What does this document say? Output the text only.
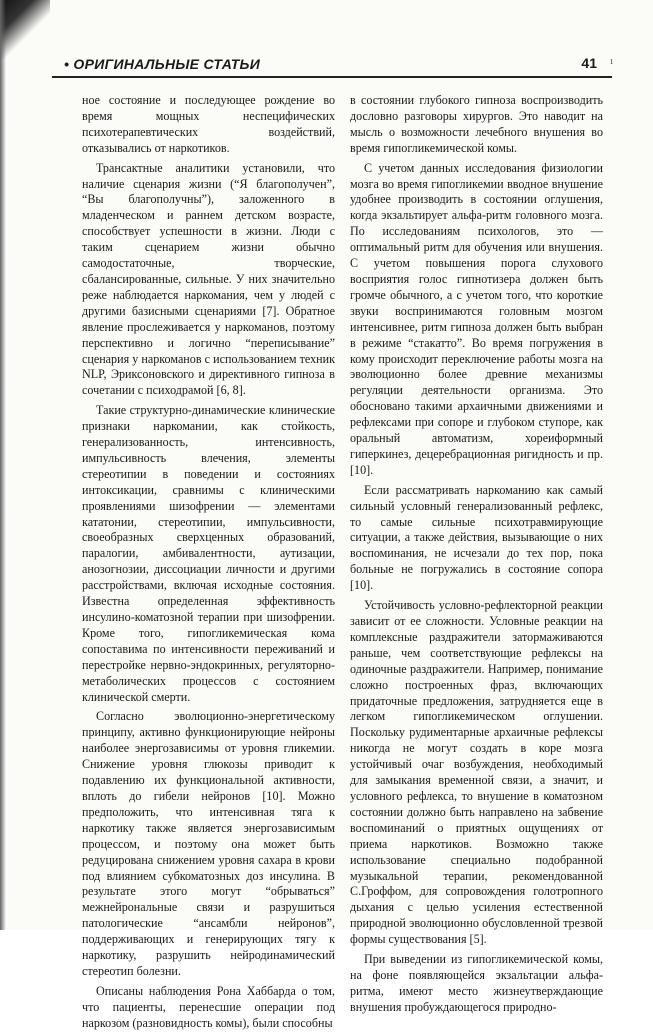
• ОРИГИНАЛЬНЫЕ СТАТЬИ	41 ı

ное состояние и последующее рождение во время мощных неспецифических психотерапевтических воздействий, отказывались от наркотиков.

Трансактные аналитики установили, что наличие сценария жизни (“Я благополучен”, “Вы благополучны”), заложенного в младенческом и раннем детском возрасте, способствует успешности в жизни. Люди с таким сценарием жизни обычно самодостаточные, творческие, сбалансированные, сильные. У них значительно реже наблюдается наркомания, чем у людей с другими базисными сценариями [7]. Обратное явление прослеживается у наркоманов, поэтому перспективно и логично “переписывание” сценария у наркоманов с использованием техник NLP, Эриксоновского и директивного гипноза в сочетании с психодрамой [6, 8].

Такие структурно-динамические клинические признаки наркомании, как стойкость, генерализованность, интенсивность, импульсивность влечения, элементы стереотипии в поведении и состояниях интоксикации, сравнимы с клиническими проявлениями шизофрении — элементами кататонии, стереотипии, импульсивности, своеобразных сверхценных образований, паралогии, амбивалентности, аутизации, анозогнозии, диссоциации личности и другими расстройствами, включая исходные состояния. Известна определенная эффективность инсулино-коматозной терапии при шизофрении. Кроме того, гипогликемическая кома сопоставима по интенсивности переживаний и перестройке нервно-эндокринных, регуляторно-метаболических процессов с состоянием клинической смерти.

Согласно эволюционно-энергетическому принципу, активно функционирующие нейроны наиболее энергозависимы от уровня гликемии. Снижение уровня глюкозы приводит к подавлению их функциональной активности, вплоть до гибели нейронов [10]. Можно предположить, что интенсивная тяга к наркотику также является энергозависимым процессом, и поэтому она может быть редуцирована снижением уровня сахара в крови под влиянием субкоматозных доз инсулина. В результате этого могут “обрываться” межнейрональные связи и разрушиться патологические “ансамбли нейронов”, поддерживающих и генерирующих тягу к наркотику, разрушить нейродинамический стереотип болезни.

Описаны наблюдения Рона Хаббарда о том, что пациенты, перенесшие операции под наркозом (разновидность комы), были способны

в состоянии глубокого гипноза воспроизводить дословно разговоры хирургов. Это наводит на мысль о возможности лечебного внушения во время гипогликемической комы.

С учетом данных исследования физиологии мозга во время гипогликемии вводное внушение удобнее производить в состоянии оглушения, когда экзальтирует альфа-ритм головного мозга. По исследованиям психологов, это — оптимальный ритм для обучения или внушения. С учетом повышения порога слухового восприятия голос гипнотизера должен быть громче обычного, а с учетом того, что короткие звуки воспринимаются головным мозгом интенсивнее, ритм гипноза должен быть выбран в режиме “стакатто”. Во время погружения в кому происходит переключение работы мозга на эволюционно более древние механизмы регуляции деятельности организма. Это обосновано такими архаичными движениями и рефлексами при сопоре и глубоком ступоре, как оральный автоматизм, хореиформный гиперкинез, децеребрационная ригидность и пр. [10].

Если рассматривать наркоманию как самый сильный условный генерализованный рефлекс, то самые сильные психотравмирующие ситуации, а также действия, вызывающие о них воспоминания, не исчезали до тех пор, пока больные не погружались в состояние сопора [10].

Устойчивость условно-рефлекторной реакции зависит от ее сложности. Условные реакции на комплексные раздражители затормаживаются раньше, чем соответствующие рефлексы на одиночные раздражители. Например, понимание сложно построенных фраз, включающих придаточные предложения, затрудняется еще в легком гипогликемическом оглушении. Поскольку рудиментарные архаичные рефлексы никогда не могут создать в коре мозга устойчивый очаг возбуждения, необходимый для замыкания временной связи, а значит, и условного рефлекса, то внушение в коматозном состоянии должно быть направлено на забвение воспоминаний о приятных ощущениях от приема наркотиков. Возможно также использование специально подобранной музыкальной терапии, рекомендованной С.Гроффом, для сопровождения голотропного дыхания с целью усиления естественной природной эволюционно обусловленной трезвой формы существования [5].

При выведении из гипогликемической комы, на фоне появляющейся экзальтации альфа-ритма, имеют место жизнеутверждающие внушения пробуждающегося природно-
